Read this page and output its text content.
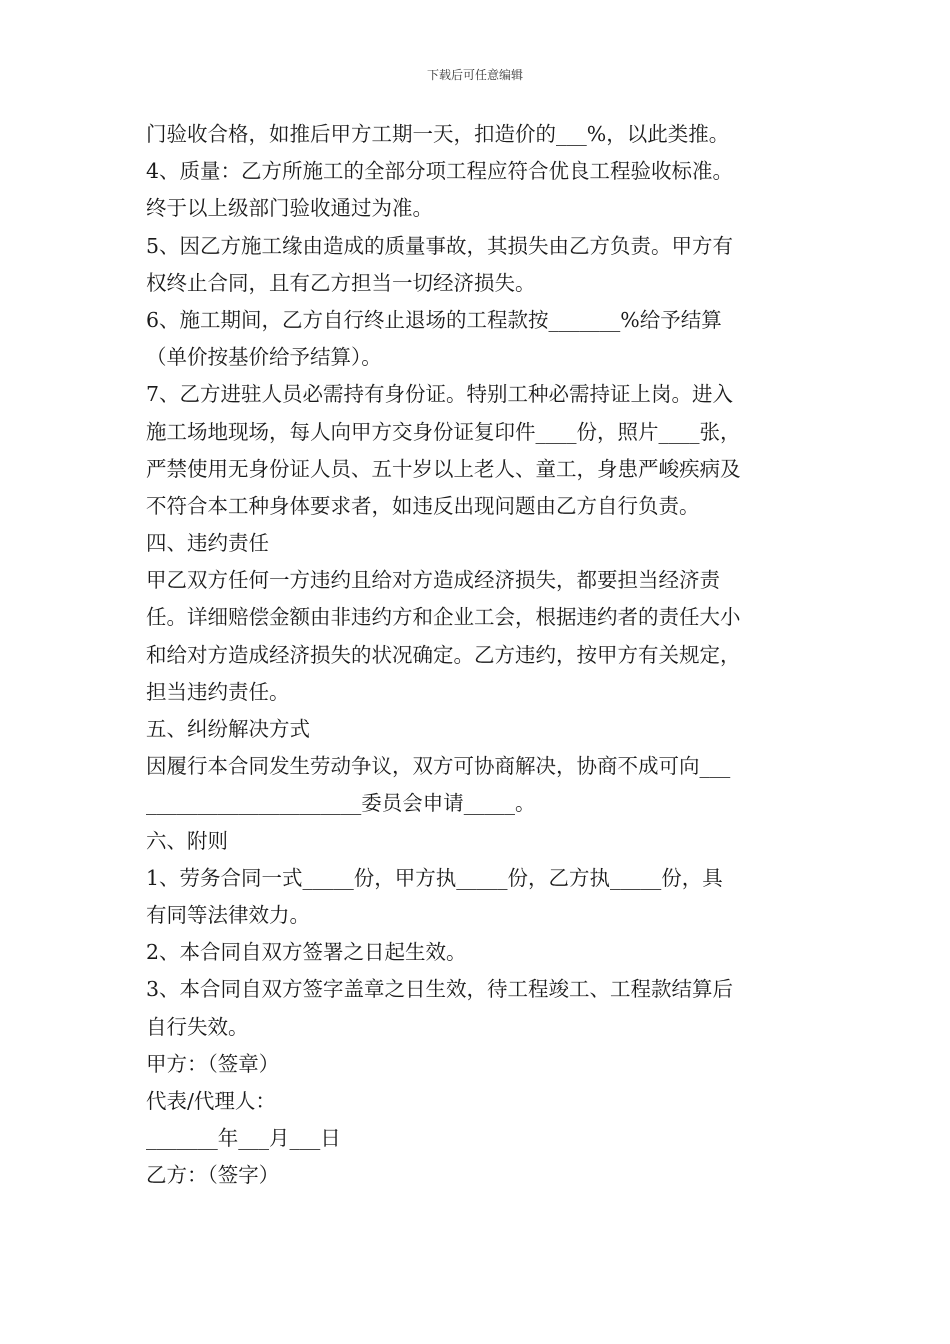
下载后可任意编辑
门验收合格，如推后甲方工期一天，扣造价的___%，以此类推。
4、质量：乙方所施工的全部分项工程应符合优良工程验收标准。
终于以上级部门验收通过为准。
5、因乙方施工缘由造成的质量事故，其损失由乙方负责。甲方有
权终止合同，且有乙方担当一切经济损失。
6、施工期间，乙方自行终止退场的工程款按_______%给予结算
（单价按基价给予结算）。
7、乙方进驻人员必需持有身份证。特别工种必需持证上岗。进入
施工场地现场，每人向甲方交身份证复印件____份，照片____张，
严禁使用无身份证人员、五十岁以上老人、童工，身患严峻疾病及
不符合本工种身体要求者，如违反出现问题由乙方自行负责。
四、违约责任
甲乙双方任何一方违约且给对方造成经济损失，都要担当经济责
任。详细赔偿金额由非违约方和企业工会，根据违约者的责任大小
和给对方造成经济损失的状况确定。乙方违约，按甲方有关规定，
担当违约责任。
五、纠纷解决方式
因履行本合同发生劳动争议，双方可协商解决，协商不成可向___
_____________________委员会申请_____。
六、附则
1、劳务合同一式_____份，甲方执_____份，乙方执_____份，具
有同等法律效力。
2、本合同自双方签署之日起生效。
3、本合同自双方签字盖章之日生效，待工程竣工、工程款结算后
自行失效。
甲方：（签章）
代表/代理人：
_______年___月___日
乙方：（签字）
